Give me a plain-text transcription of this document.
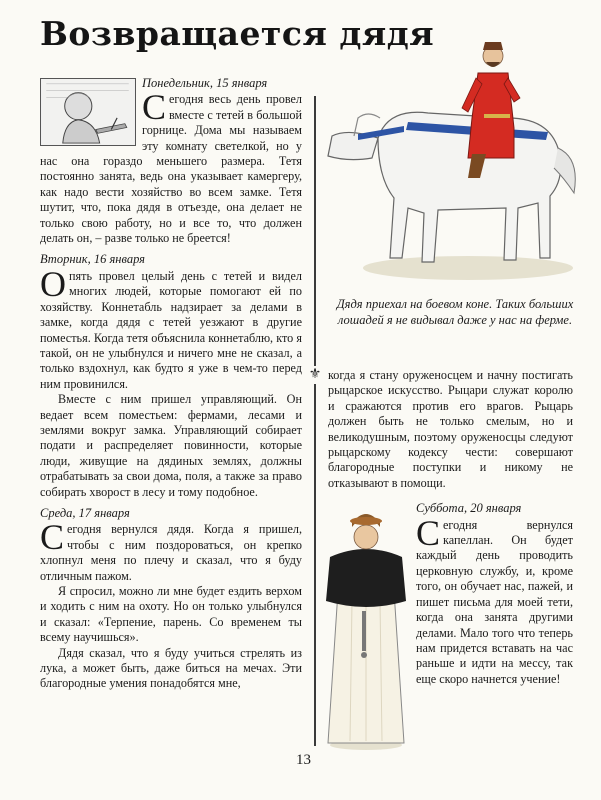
Возвращается дядя
Дядя приехал на боевом коне. Таких больших лошадей я не видывал даже у нас на ферме.
⚜
Понедельник, 15 января

Сегодня весь день провел вместе с тетей в большой горнице. Дома мы называем эту комнату светелкой, но у нас она гораздо меньшего размера. Тетя постоянно занята, ведь она указывает камергеру, как надо вести хозяйство во всем замке. Тетя шутит, что, пока дядя в отъезде, она делает не только свою работу, но и все то, что должен делать он, – разве только не бреется!

Вторник, 16 января

Опять провел целый день с тетей и видел многих людей, которые помогают ей по хозяйству. Коннетабль надзирает за делами в замке, когда дядя с тетей уезжают в другие поместья. Когда тетя объяснила коннетаблю, кто я такой, он не улыбнулся и ничего мне не сказал, а только вздохнул, как будто я уже в чем-то перед ним провинился.

Вместе с ним пришел управляющий. Он ведает всем поместьем: фермами, лесами и землями вокруг замка. Управляющий собирает подати и распределяет повинности, которые люди, живущие на дядиных землях, должны отрабатывать за свои дома, поля, а также за право собирать хворост в лесу и тому подобное.

Среда, 17 января

Сегодня вернулся дядя. Когда я пришел, чтобы с ним поздороваться, он крепко хлопнул меня по плечу и сказал, что я буду отличным пажом.

Я спросил, можно ли мне будет ездить верхом и ходить с ним на охоту. Но он только улыбнулся и сказал: «Терпение, парень. Со временем ты всему научишься».

Дядя сказал, что я буду учиться стрелять из лука, а может быть, даже биться на мечах. Эти благородные умения понадобятся мне,

когда я стану оруженосцем и начну постигать рыцарское искусство. Рыцари служат королю и сражаются против его врагов. Рыцарь должен быть не только смелым, но и великодушным, поэтому оруженосцы следуют рыцарскому кодексу чести: совершают благородные поступки и никому не отказывают в помощи.

Суббота, 20 января

Сегодня вернулся капеллан. Он будет каждый день проводить церковную службу, и, кроме того, он обучает нас, пажей, и пишет письма для моей тети, когда она занята другими делами. Мало того что теперь нам придется вставать на час раньше и идти на мессу, так еще скоро начнется учение!

13
